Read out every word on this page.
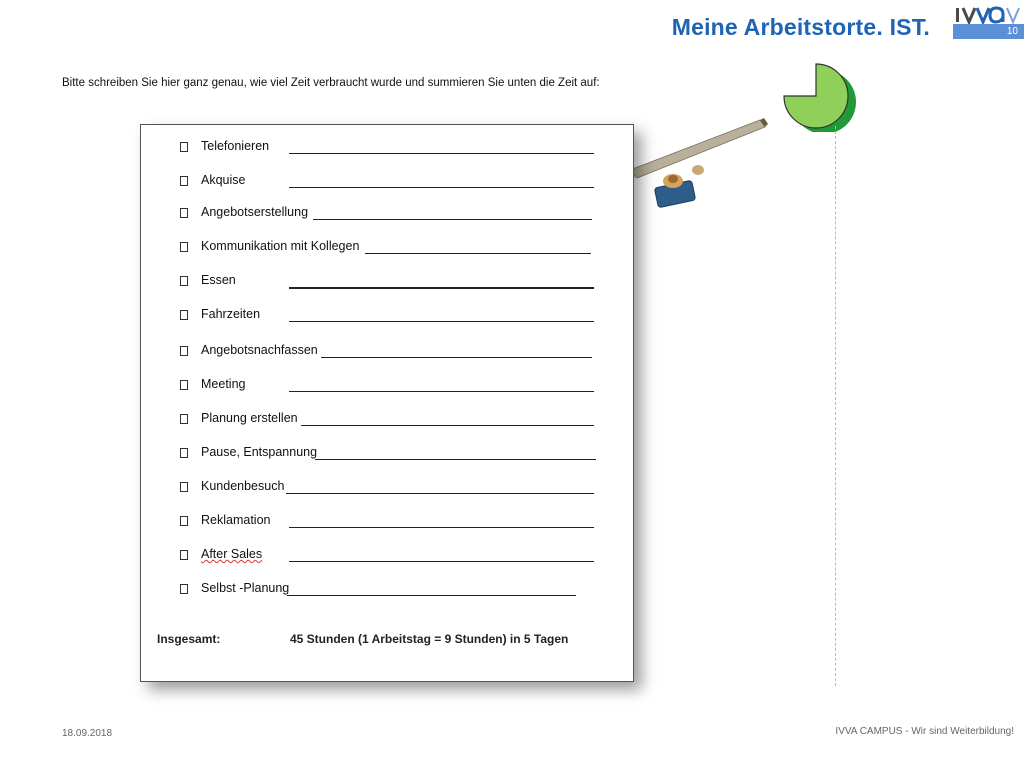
Meine Arbeitstorte. IST.	10
Bitte schreiben Sie hier ganz genau, wie viel Zeit verbraucht wurde und summieren Sie unten die Zeit auf:
Telefonieren
Akquise
Angebotserstellung
Kommunikation mit Kollegen
Essen
Fahrzeiten
Angebotsnachfassen
Meeting
Planung erstellen
Pause, Entspannung
Kundenbesuch
Reklamation
After Sales
Selbst -Planung
Insgesamt:	45 Stunden (1 Arbeitstag = 9 Stunden) in 5 Tagen
18.09.2018	IVVA CAMPUS - Wir sind Weiterbildung!
